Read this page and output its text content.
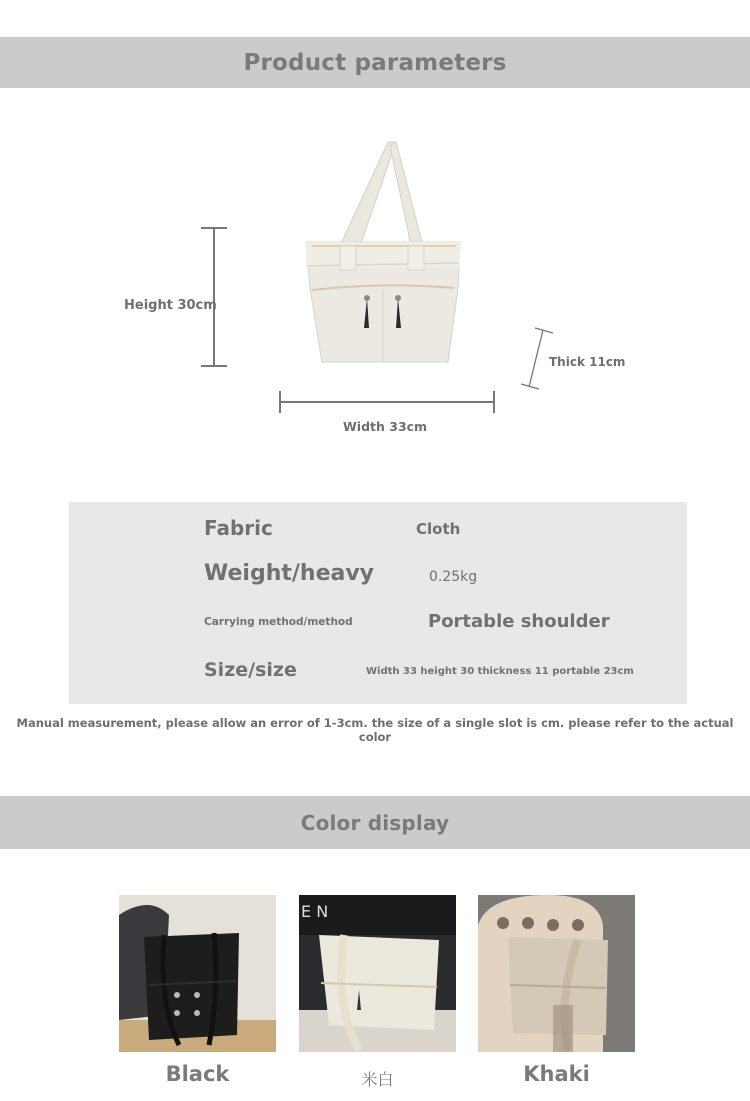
Product parameters
Height 30cm
Width 33cm
Thick 11cm
Fabric	Cloth
Weight/heavy	0.25kg
Carrying method/method	Portable shoulder
Size/size	Width 33 height 30 thickness 11 portable 23cm
Manual measurement, please allow an error of 1-3cm. the size of a single slot is cm. please refer to the actual color
Color display
Black
E N
米白	Khaki
